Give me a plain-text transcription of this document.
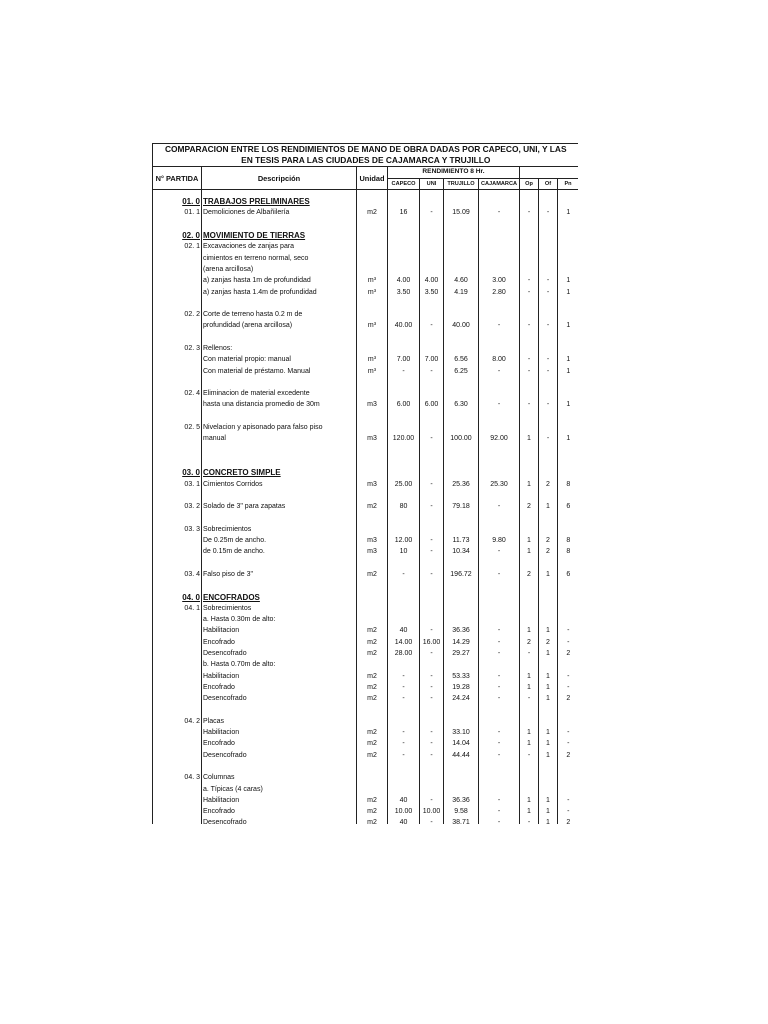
COMPARACION ENTRE LOS RENDIMIENTOS DE MANO DE OBRA DADAS POR CAPECO, UNI, Y LAS
EN TESIS PARA LAS CIUDADES DE CAJAMARCA Y TRUJILLO									

N° PARTIDA	Descripción	Unidad	RENDIMIENTO 8 Hr.						
			CAPECO	UNI	TRUJILLO	CAJAMARCA	Op	Of	Pn

01. 0	TRABAJOS PRELIMINARES								
01. 1	Demoliciones de Albañilería	m2	16	-	15.09	-	-	-	1

02. 0	MOVIMIENTO DE TIERRAS								
02. 1	Excavaciones de zanjas para								
	cimientos en terreno normal, seco								
	(arena arcillosa)								
	a) zanjas hasta 1m de profundidad	m³	4.00	4.00	4.60	3.00	-	-	1
	a) zanjas hasta 1.4m de profundidad	m³	3.50	3.50	4.19	2.80	-	-	1

02. 2	Corte de terreno hasta 0.2 m de								
	profundidad (arena arcillosa)	m³	40.00	-	40.00	-	-	-	1

02. 3	Rellenos:								
	Con material propio: manual	m³	7.00	7.00	6.56	8.00	-	-	1
	Con material de préstamo. Manual	m³	-	-	6.25	-	-	-	1

02. 4	Eliminacion de material excedente								
	hasta una distancia promedio de 30m	m3	6.00	6.00	6.30	-	-	-	1

02. 5	Nivelacion y apisonado para falso piso								
	manual	m3	120.00	-	100.00	92.00	1	-	1

03. 0	CONCRETO SIMPLE								
03. 1	Cimientos Corridos	m3	25.00	-	25.36	25.30	1	2	8

03. 2	Solado de 3" para zapatas	m2	80	-	79.18	-	2	1	6

03. 3	Sobrecimientos								
	De 0.25m de ancho.	m3	12.00	-	11.73	9.80	1	2	8
	de 0.15m de ancho.	m3	10	-	10.34	-	1	2	8

03. 4	Falso piso de 3"	m2	-	-	196.72	-	2	1	6

04. 0	ENCOFRADOS								
04. 1	Sobrecimientos								
	a. Hasta 0.30m de alto:								
	Habilitacion	m2	40	-	36.36	-	1	1	-
	Encofrado	m2	14.00	16.00	14.29	-	2	2	-
	Desencofrado	m2	28.00	-	29.27	-	-	1	2
	b. Hasta 0.70m de alto:								
	Habilitacion	m2	-	-	53.33	-	1	1	-
	Encofrado	m2	-	-	19.28	-	1	1	-
	Desencofrado	m2	-	-	24.24	-	-	1	2

04. 2	Placas								
	Habilitacion	m2	-	-	33.10	-	1	1	-
	Encofrado	m2	-	-	14.04	-	1	1	-
	Desencofrado	m2	-	-	44.44	-	-	1	2

04. 3	Columnas								
	a. Típicas (4 caras)								
	Habilitacion	m2	40	-	36.36	-	1	1	-
	Encofrado	m2	10.00	10.00	9.58	-	1	1	-
	Desencofrado	m2	40	-	38.71	-	-	1	2
